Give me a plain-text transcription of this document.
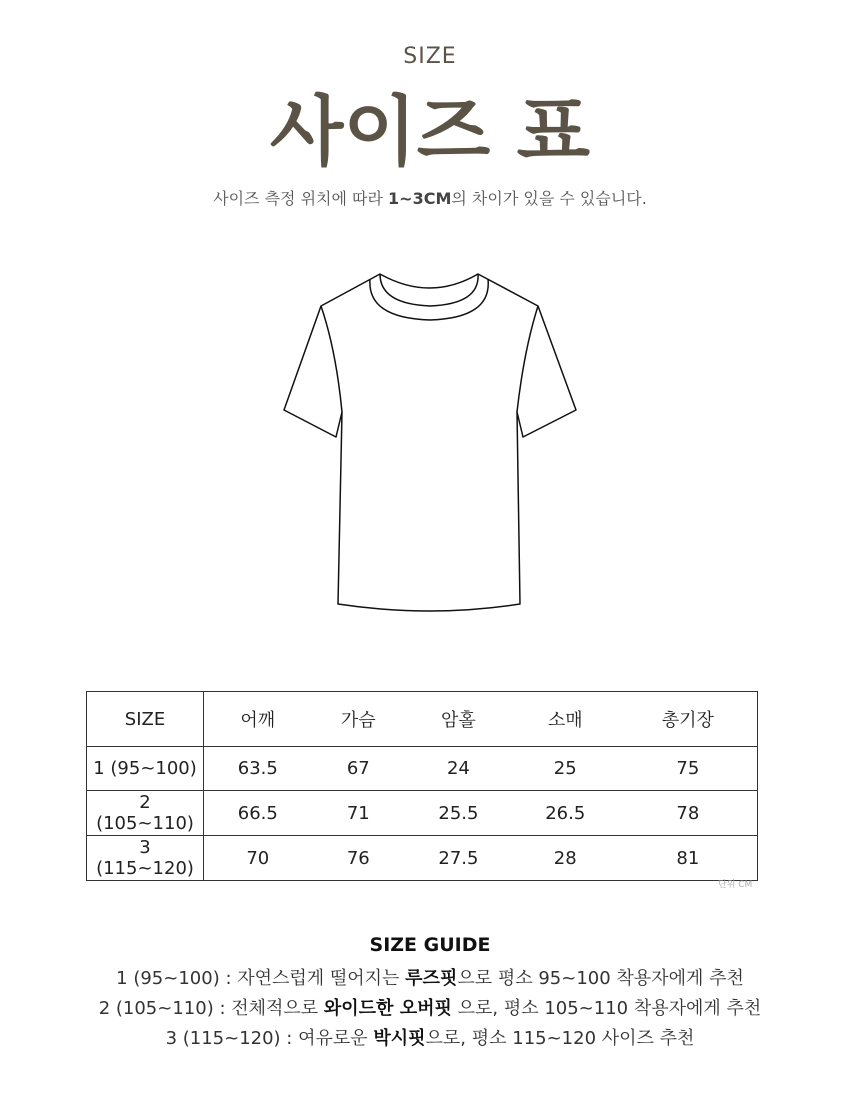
SIZE
사이즈 표
사이즈 측정 위치에 따라 1~3CM의 차이가 있을 수 있습니다.
SIZE	어깨	가슴	암홀	소매	총기장
1 (95~100)	63.5	67	24	25	75
2 (105~110)	66.5	71	25.5	26.5	78
3 (115~120)	70	76	27.5	28	81
단위 CM
SIZE GUIDE
1 (95~100) : 자연스럽게 떨어지는 루즈핏으로 평소 95~100 착용자에게 추천
2 (105~110) : 전체적으로 와이드한 오버핏 으로, 평소 105~110 착용자에게 추천
3 (115~120) : 여유로운 박시핏으로, 평소 115~120 사이즈 추천
